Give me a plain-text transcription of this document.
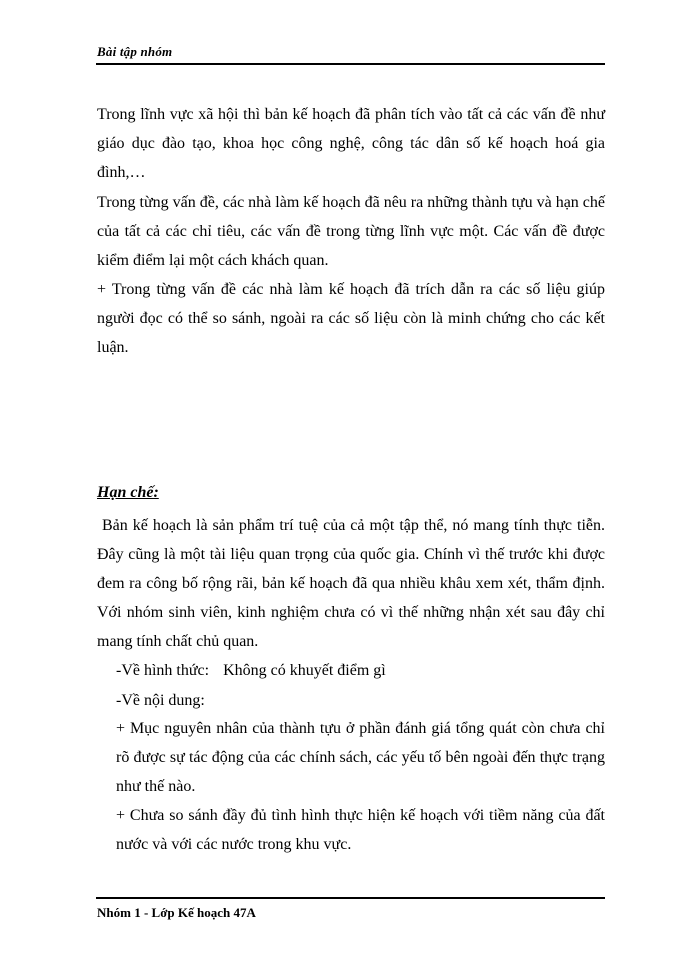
Bài tập nhóm
Trong lĩnh vực xã hội thì bản kế hoạch đã phân tích vào tất cả các vấn đề như giáo dục đào tạo, khoa học công nghệ, công tác dân số kế hoạch hoá gia đình,…
Trong từng vấn đề, các nhà làm kế hoạch đã nêu ra những thành tựu và hạn chế của tất cả các chỉ tiêu, các vấn đề trong từng lĩnh vực một. Các vấn đề được kiểm điểm lại một cách khách quan.
+ Trong từng vấn đề các nhà làm kế hoạch đã trích dẫn ra các số liệu giúp người đọc có thể so sánh, ngoài ra các số liệu còn là minh chứng cho các kết luận.
Hạn chế:
Bản kế hoạch là sản phẩm trí tuệ của cả một tập thể, nó mang tính thực tiễn. Đây cũng là một tài liệu quan trọng của quốc gia. Chính vì thế trước khi được đem ra công bố rộng rãi, bản kế hoạch đã qua nhiều khâu xem xét, thẩm định. Với nhóm sinh viên, kinh nghiệm chưa có vì thế những nhận xét sau đây chỉ mang tính chất chủ quan.
-Về hình thức: Không có khuyết điểm gì
-Về nội dung:
+ Mục nguyên nhân của thành tựu ở phần đánh giá tổng quát còn chưa chỉ rõ được sự tác động của các chính sách, các yếu tố bên ngoài đến thực trạng như thế nào.
+ Chưa so sánh đầy đủ tình hình thực hiện kế hoạch với tiềm năng của đất nước và với các nước trong khu vực.
Nhóm 1 - Lớp Kế hoạch 47A
